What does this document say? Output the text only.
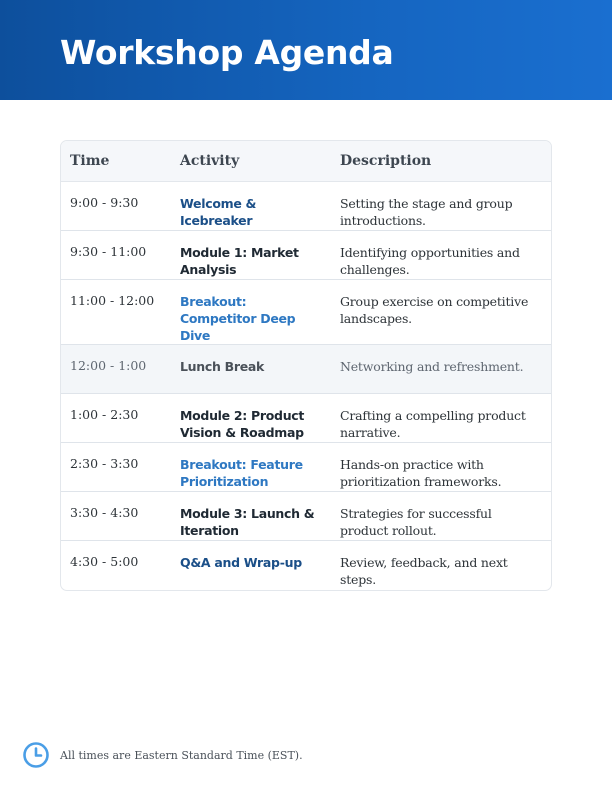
Workshop Agenda
Time	Activity	Description
9:00 - 9:30	Welcome & Icebreaker	Setting the stage and group introductions.
9:30 - 11:00	Module 1: Market Analysis	Identifying opportunities and challenges.
11:00 - 12:00	Breakout: Competitor Deep Dive	Group exercise on competitive landscapes.
12:00 - 1:00	Lunch Break	Networking and refreshment.
1:00 - 2:30	Module 2: Product Vision & Roadmap	Crafting a compelling product narrative.
2:30 - 3:30	Breakout: Feature Prioritization	Hands-on practice with prioritization frameworks.
3:30 - 4:30	Module 3: Launch & Iteration	Strategies for successful product rollout.
4:30 - 5:00	Q&A and Wrap-up	Review, feedback, and next steps.
All times are Eastern Standard Time (EST).
